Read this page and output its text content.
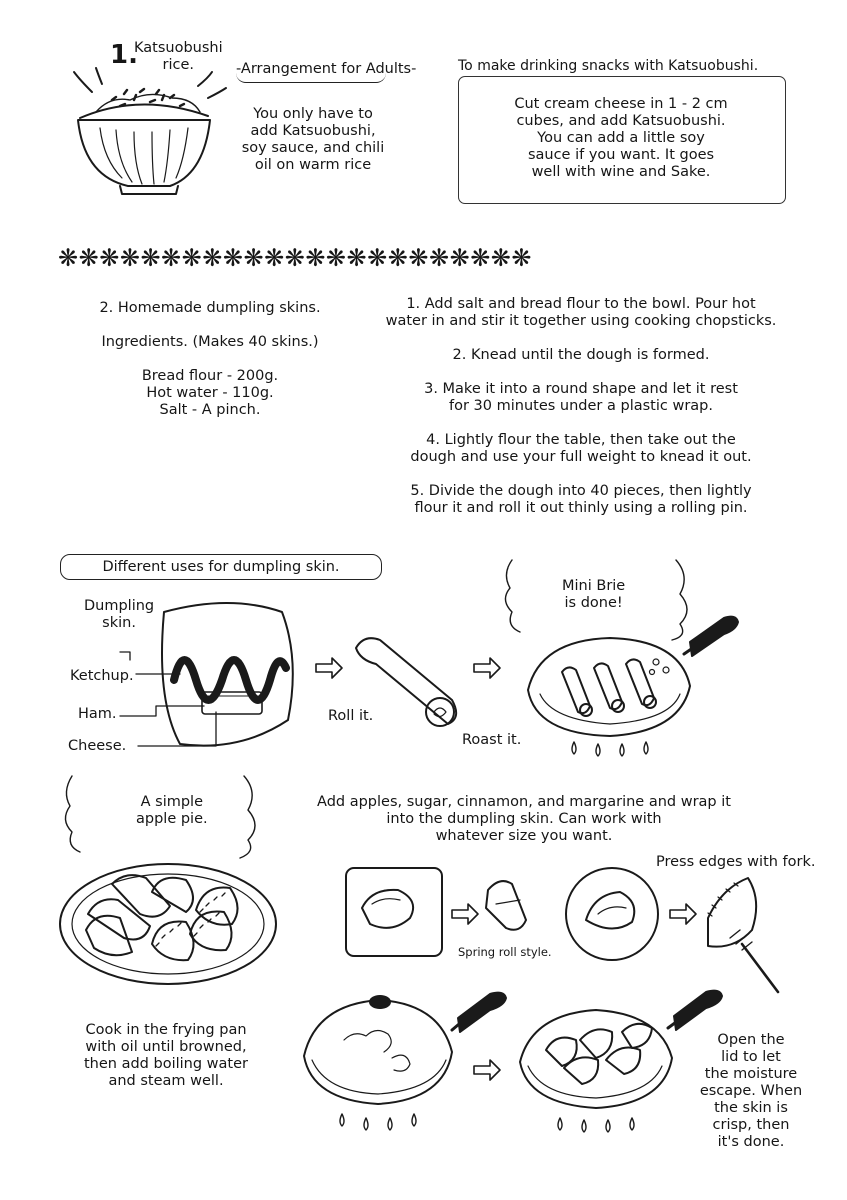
1.
Katsuobushi
rice.	-Arrangement for Adults-
You only have to
add Katsuobushi,
soy sauce, and chili
oil on warm rice
To make drinking snacks with Katsuobushi.
Cut cream cheese in 1 - 2 cm
cubes, and add Katsuobushi.
You can add a little soy
sauce if you want. It goes
well with wine and Sake.
❋❋❋❋❋❋❋❋❋❋❋❋❋❋❋❋❋❋❋❋❋❋❋
2. Homemade dumpling skins.
Ingredients. (Makes 40 skins.)
Bread flour - 200g.
Hot water - 110g.
Salt - A pinch.
1. Add salt and bread flour to the bowl. Pour hot
water in and stir it together using cooking chopsticks.
2. Knead until the dough is formed.
3. Make it into a round shape and let it rest
for 30 minutes under a plastic wrap.
4. Lightly flour the table, then take out the
dough and use your full weight to knead it out.
5. Divide the dough into 40 pieces, then lightly
flour it and roll it out thinly using a rolling pin.
Different uses for dumpling skin.
Dumpling
skin.
Ketchup.
Ham.
Cheese.
Roll it.
Roast it.
Mini Brie
is done!
A simple
apple pie.
Add apples, sugar, cinnamon, and margarine and wrap it
into the dumpling skin. Can work with
whatever size you want.
Press edges with fork.
Spring roll style.
Cook in the frying pan
with oil until browned,
then add boiling water
and steam well.
Open the
lid to let
the moisture
escape. When
the skin is
crisp, then
it's done.
